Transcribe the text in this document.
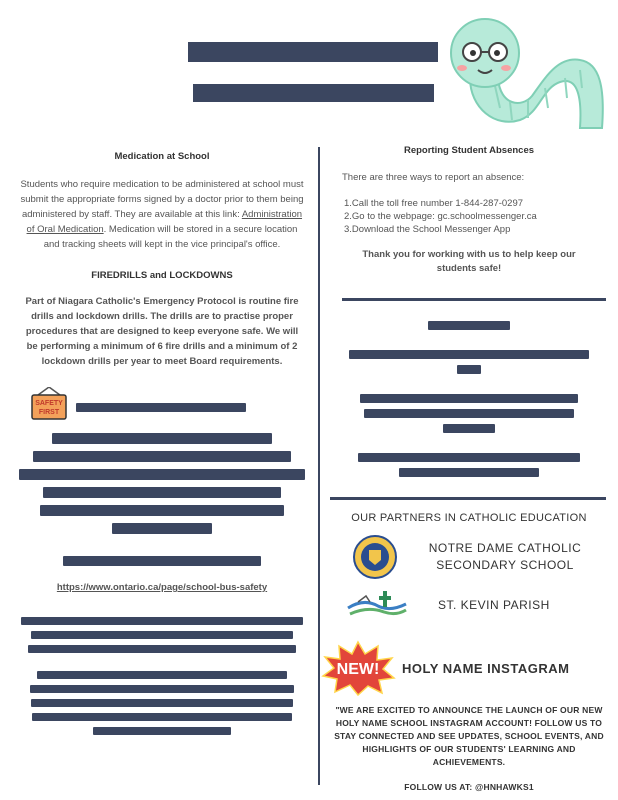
Medication at School

Students who require medication to be administered at school must submit the appropriate forms signed by a doctor prior to them being administered by staff. They are available at this link: Administration of Oral Medication. Medication will be stored in a secure location and tracking sheets will kept in the vice principal's office.

FIREDRILLS and LOCKDOWNS

Part of Niagara Catholic's Emergency Protocol is routine fire drills and lockdown drills. The drills are to practise proper procedures that are designed to keep everyone safe. We will be performing a minimum of 6 fire drills and a minimum of 2 lockdown drills per year to meet Board requirements.

SAFETY
FIRST
https://www.ontario.ca/page/school-bus-safety
Reporting Student Absences

There are three ways to report an absence:

1.Call the toll free number 1-844-287-0297

2.Go to the webpage: gc.schoolmessenger.ca

3.Download the School Messenger App

Thank you for working with us to help keep our students safe!

OUR PARTNERS IN CATHOLIC EDUCATION
NOTRE DAME CATHOLIC
SECONDARY SCHOOL
ST. KEVIN PARISH
NEW!	HOLY NAME INSTAGRAM

"WE ARE EXCITED TO ANNOUNCE THE LAUNCH OF OUR NEW HOLY NAME SCHOOL INSTAGRAM ACCOUNT! FOLLOW US TO STAY CONNECTED AND SEE UPDATES, SCHOOL EVENTS, AND HIGHLIGHTS OF OUR STUDENTS' LEARNING AND ACHIEVEMENTS.

FOLLOW US AT: @HNHAWKS1
